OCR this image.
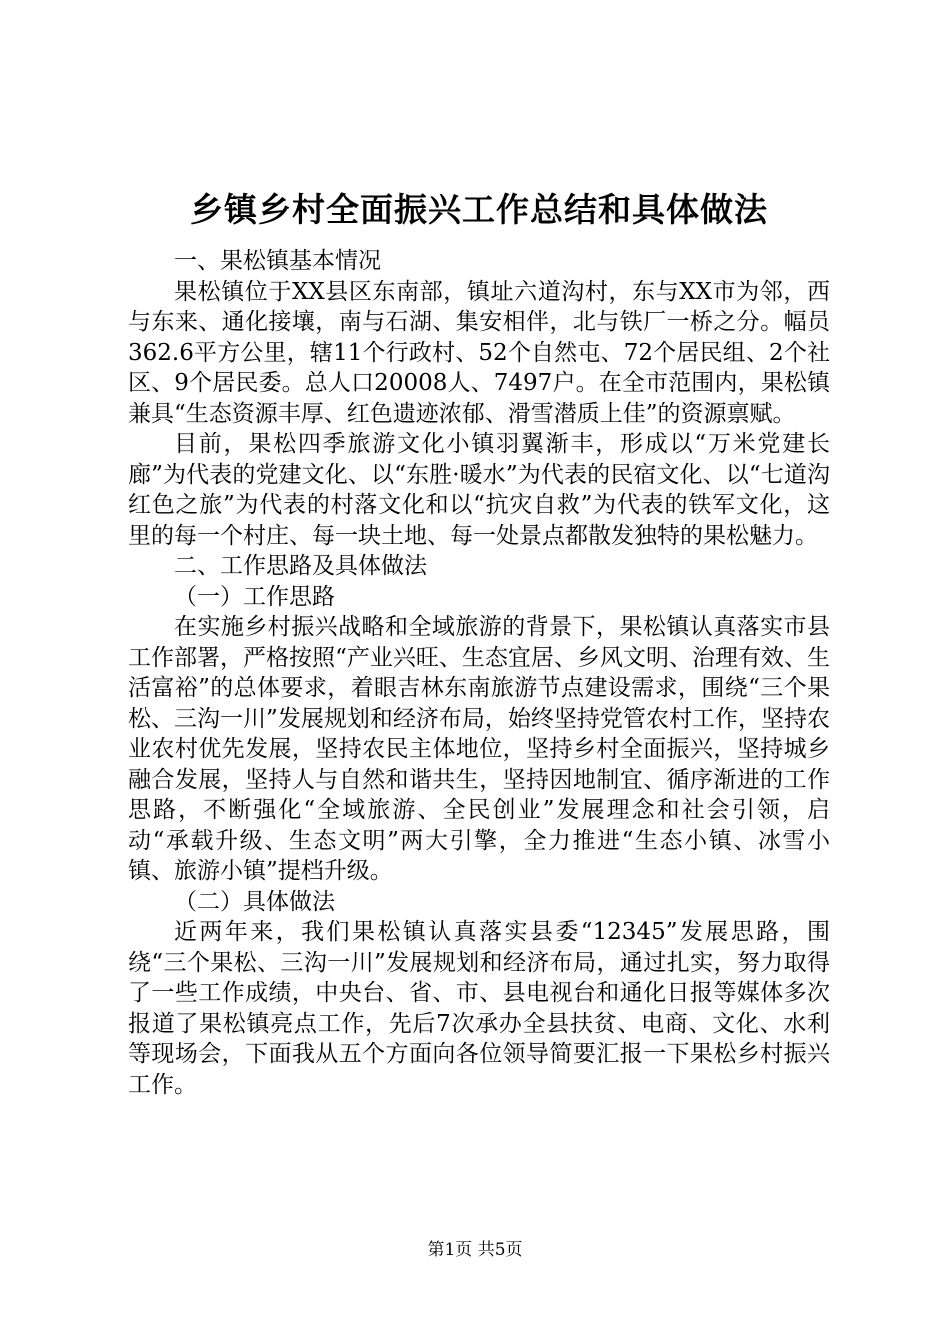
乡镇乡村全面振兴工作总结和具体做法

一、果松镇基本情况

果松镇位于XX县区东南部，镇址六道沟村，东与XX市为邻，西与东来、通化接壤，南与石湖、集安相伴，北与铁厂一桥之分。幅员362.6平方公里，辖11个行政村、52个自然屯、72个居民组、2个社区、9个居民委。总人口20008人、7497户。在全市范围内，果松镇兼具“生态资源丰厚、红色遗迹浓郁、滑雪潜质上佳”的资源禀赋。

目前，果松四季旅游文化小镇羽翼渐丰，形成以“万米党建长廊”为代表的党建文化、以“东胜·暖水”为代表的民宿文化、以“七道沟红色之旅”为代表的村落文化和以“抗灾自救”为代表的铁军文化，这里的每一个村庄、每一块土地、每一处景点都散发独特的果松魅力。

二、工作思路及具体做法

（一）工作思路

在实施乡村振兴战略和全域旅游的背景下，果松镇认真落实市县工作部署，严格按照“产业兴旺、生态宜居、乡风文明、治理有效、生活富裕”的总体要求，着眼吉林东南旅游节点建设需求，围绕“三个果松、三沟一川”发展规划和经济布局，始终坚持党管农村工作，坚持农业农村优先发展，坚持农民主体地位，坚持乡村全面振兴，坚持城乡融合发展，坚持人与自然和谐共生，坚持因地制宜、循序渐进的工作思路，不断强化“全域旅游、全民创业”发展理念和社会引领，启动“承载升级、生态文明”两大引擎，全力推进“生态小镇、冰雪小镇、旅游小镇”提档升级。

（二）具体做法

近两年来，我们果松镇认真落实县委“12345”发展思路，围绕“三个果松、三沟一川”发展规划和经济布局，通过扎实，努力取得了一些工作成绩，中央台、省、市、县电视台和通化日报等媒体多次报道了果松镇亮点工作，先后7次承办全县扶贫、电商、文化、水利等现场会，下面我从五个方面向各位领导简要汇报一下果松乡村振兴工作。

第1页 共5页
